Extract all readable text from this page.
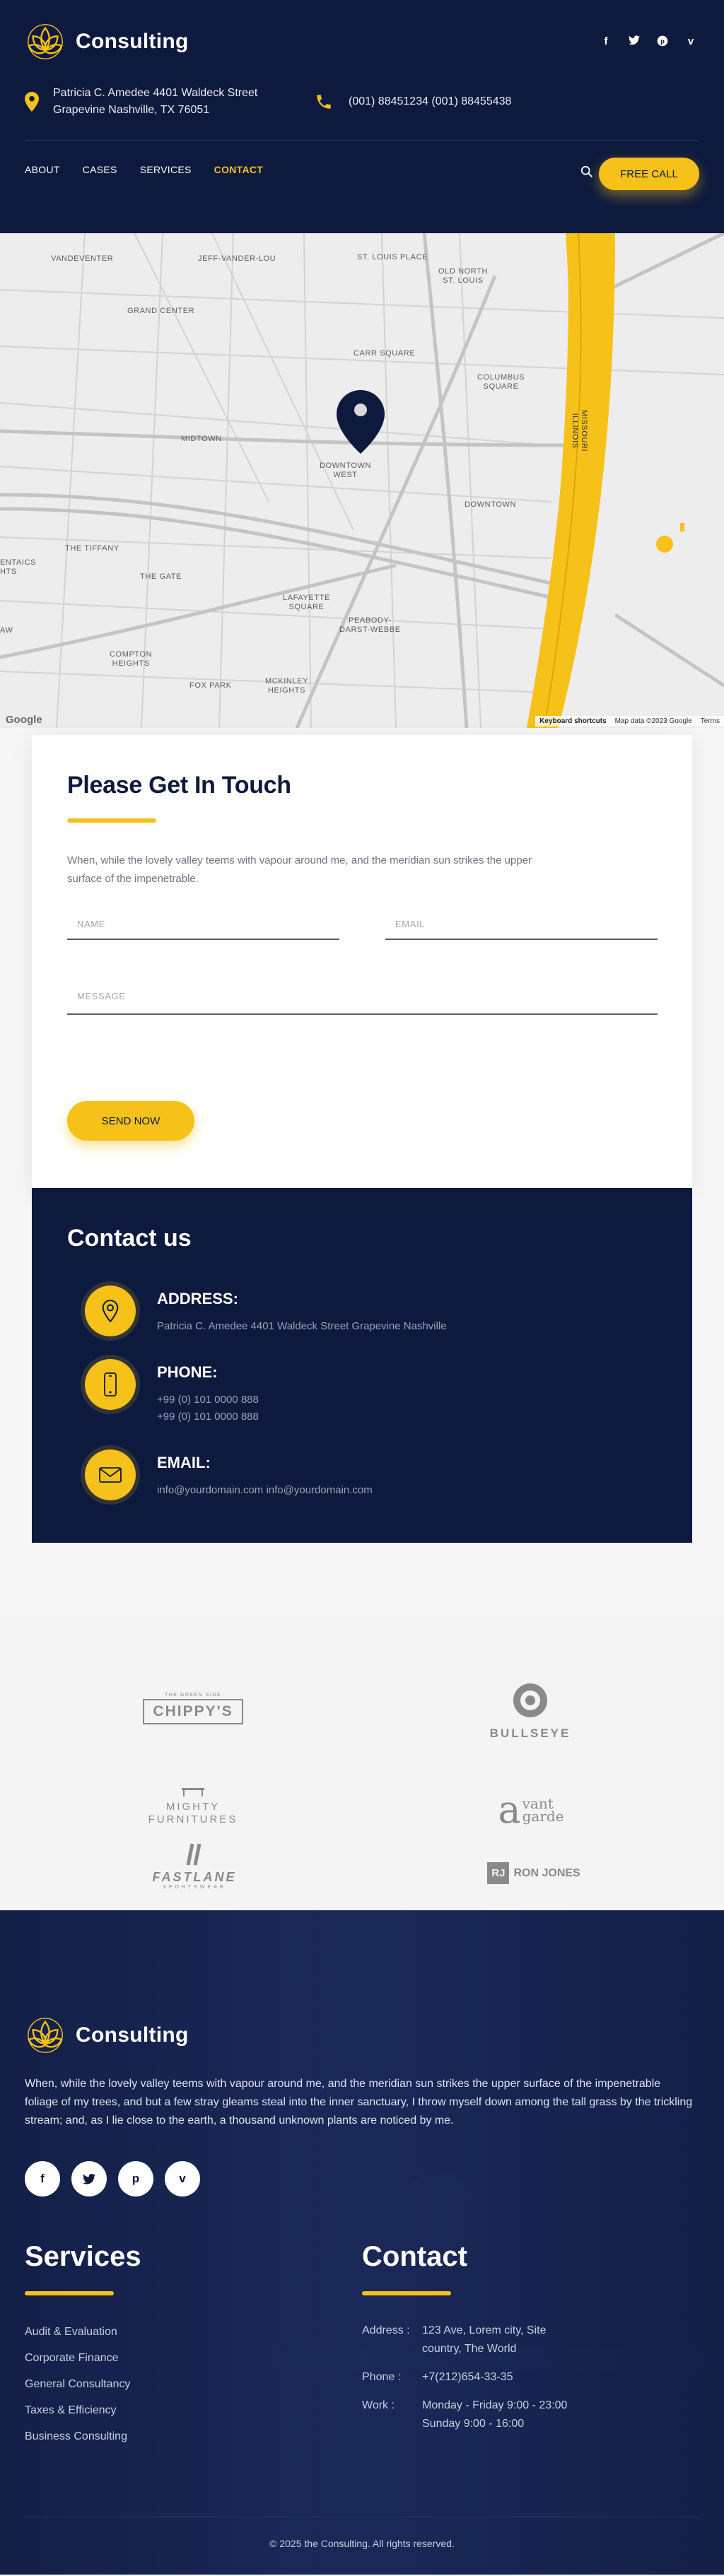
Consulting	f	p	v
Patricia C. Amedee 4401 Waldeck Street
Grapevine Nashville, TX 76051
(001) 88451234 (001) 88455438
ABOUT CASES SERVICES CONTACT	FREE CALL
VANDEVENTER	JEFF-VANDER-LOU	ST. LOUIS PLACE
OLD NORTH
ST. LOUIS
GRAND CENTER
CARR SQUARE
COLUMBUS
SQUARE
MIDTOWN
DOWNTOWN
WEST
DOWNTOWN
THE TIFFANY
THE GATE
LAFAYETTE
SQUARE
PEABODY-
DARST-WEBBE
COMPTON
HEIGHTS
FOX PARK	MCKINLEY
HEIGHTS
MISSOURI
ILLINOIS
ENTAICS
HTS
AW
Google	Keyboard shortcuts Map data ©2023 Google Terms
Please Get In Touch

When, while the lovely valley teems with vapour around me, and the meridian sun strikes the upper surface of the impenetrable.

NAME	EMAIL
MESSAGE
SEND NOW
Contact us
ADDRESS:
Patricia C. Amedee 4401 Waldeck Street Grapevine Nashville
PHONE:
+99 (0) 101 0000 888
+99 (0) 101 0000 888
EMAIL:
info@yourdomain.com info@yourdomain.com
THE GREEN SIDE
CHIPPY'S
BULLSEYE
MIGHTY
FURNITURES	a vant
garde
FASTLANE
SPORTSWEAR
RJ RON JONES
Consulting

When, while the lovely valley teems with vapour around me, and the meridian sun strikes the upper surface of the impenetrable foliage of my trees, and but a few stray gleams steal into the inner sanctuary, I throw myself down among the tall grass by the trickling stream; and, as I lie close to the earth, a thousand unknown plants are noticed by me.

f	p	v
Services
Audit & Evaluation
Corporate Finance
General Consultancy
Taxes & Efficiency
Business Consulting
Contact
Address :	123 Ave, Lorem city, Site country, The World
Phone :	+7(212)654-33-35
Work :	Monday - Friday 9:00 - 23:00
Sunday 9:00 - 16:00
© 2025 the Consulting. All rights reserved.
